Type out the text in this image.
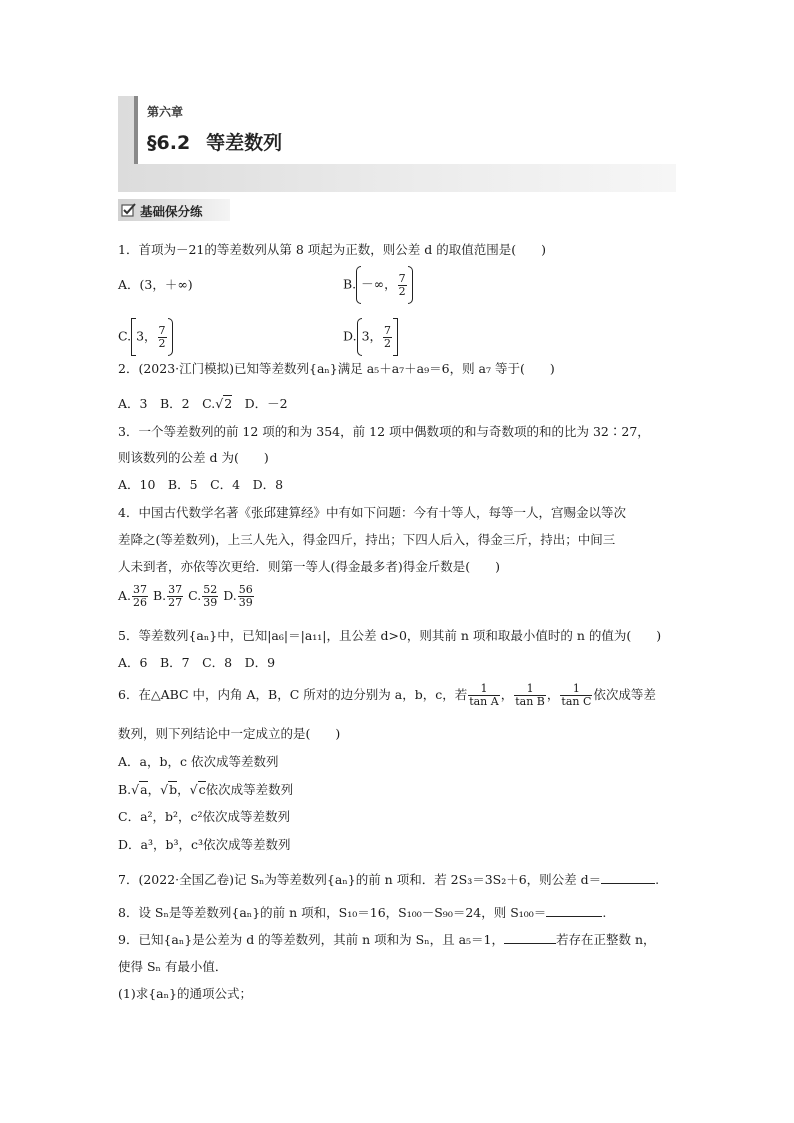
第六章
§6.2 等差数列
基础保分练
1．首项为－21的等差数列从第 8 项起为正数，则公差 d 的取值范围是(　　)
A．(3，＋∞)	B. －∞， $\frac{7}{2}$
C. 3， $\frac{7}{2}$	D. 3， $\frac{7}{2}$
2．(2023·江门模拟)已知等差数列{aₙ}满足 a₅＋a₇＋a₉＝6，则 a₇ 等于(　　)
A．3　B．2　C.√2　D．－2
3．一个等差数列的前 12 项的和为 354，前 12 项中偶数项的和与奇数项的和的比为 32∶27，
则该数列的公差 d 为(　　)
A．10　B．5　C．4　D．8
4．中国古代数学名著《张邱建算经》中有如下问题：今有十等人，每等一人，宫赐金以等次
差降之(等差数列)，上三人先入，得金四斤，持出；下四人后入，得金三斤，持出；中间三
人未到者，亦依等次更给．则第一等人(得金最多者)得金斤数是(　　)
A. $\frac{37}{26} B$. $\frac{37}{27} C$. $\frac{52}{39} D$. $\frac{56}{39}$
5．等差数列{aₙ}中，已知|a₆|＝|a₁₁|，且公差 d>0，则其前 n 项和取最小值时的 n 的值为(　　)
A．6　B．7　C．8　D．9
6．在△ABC 中，内角 A，B，C 所对的边分别为 a，b，c，若 $\frac{1}{\text{tan A}}$ ， $\frac{1}{\text{tan B}}$ ， $\frac{1}{\text{tan C}}$ 依次成等差
数列，则下列结论中一定成立的是(　　)
A．a，b，c 依次成等差数列
B.√a，√b，√c依次成等差数列
C．a²，b²，c²依次成等差数列
D．a³，b³，c³依次成等差数列
7．(2022·全国乙卷)记 Sₙ为等差数列{aₙ}的前 n 项和．若 2S₃＝3S₂＋6，则公差 d＝	.
8．设 Sₙ是等差数列{aₙ}的前 n 项和，S₁₀＝16，S₁₀₀－S₉₀＝24，则 S₁₀₀＝	.
9．已知{aₙ}是公差为 d 的等差数列，其前 n 项和为 Sₙ，且 a₅＝1，	若存在正整数 n，
使得 Sₙ 有最小值．
(1)求{aₙ}的通项公式；
